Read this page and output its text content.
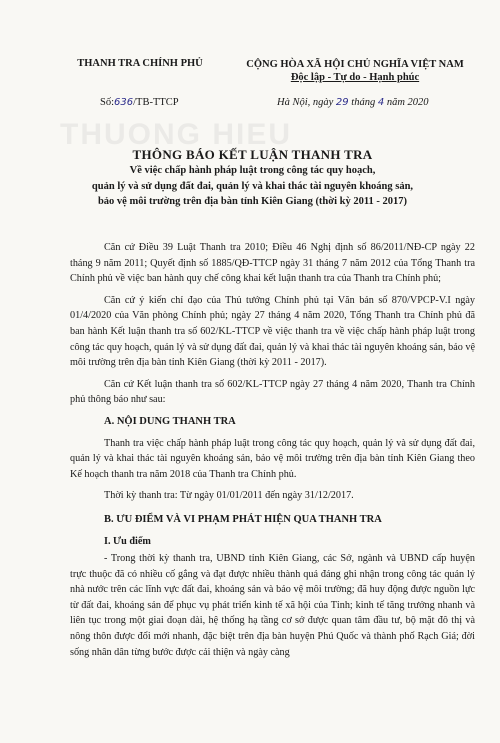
THUONG HIEU
THANH TRA CHÍNH PHỦ	CỘNG HÒA XÃ HỘI CHỦ NGHĨA VIỆT NAM
Độc lập - Tự do - Hạnh phúc
Số:636/TB-TTCP	Hà Nội, ngày 29 tháng 4 năm 2020
THÔNG BÁO KẾT LUẬN THANH TRA
Về việc chấp hành pháp luật trong công tác quy hoạch,
quản lý và sử dụng đất đai, quản lý và khai thác tài nguyên khoáng sản,
bảo vệ môi trường trên địa bàn tỉnh Kiên Giang (thời kỳ 2011 - 2017)

Căn cứ Điều 39 Luật Thanh tra 2010; Điều 46 Nghị định số 86/2011/NĐ-CP ngày 22 tháng 9 năm 2011; Quyết định số 1885/QĐ-TTCP ngày 31 tháng 7 năm 2012 của Tổng Thanh tra Chính phủ về việc ban hành quy chế công khai kết luận thanh tra của Thanh tra Chính phủ;

Căn cứ ý kiến chỉ đạo của Thủ tướng Chính phủ tại Văn bản số 870/VPCP-V.I ngày 01/4/2020 của Văn phòng Chính phủ; ngày 27 tháng 4 năm 2020, Tổng Thanh tra Chính phủ đã ban hành Kết luận thanh tra số 602/KL-TTCP về việc thanh tra về việc chấp hành pháp luật trong công tác quy hoạch, quản lý và sử dụng đất đai, quản lý và khai thác tài nguyên khoáng sản, bảo vệ môi trường trên địa bàn tỉnh Kiên Giang (thời kỳ 2011 - 2017).

Căn cứ Kết luận thanh tra số 602/KL-TTCP ngày 27 tháng 4 năm 2020, Thanh tra Chính phủ thông báo như sau:

A. NỘI DUNG THANH TRA

Thanh tra việc chấp hành pháp luật trong công tác quy hoạch, quản lý và sử dụng đất đai, quản lý và khai thác tài nguyên khoáng sản, bảo vệ môi trường trên địa bàn tỉnh Kiên Giang theo Kế hoạch thanh tra năm 2018 của Thanh tra Chính phủ.

Thời kỳ thanh tra: Từ ngày 01/01/2011 đến ngày 31/12/2017.

B. ƯU ĐIỂM VÀ VI PHẠM PHÁT HIỆN QUA THANH TRA

I. Ưu điểm

- Trong thời kỳ thanh tra, UBND tỉnh Kiên Giang, các Sở, ngành và UBND cấp huyện trực thuộc đã có nhiều cố gắng và đạt được nhiều thành quả đáng ghi nhận trong công tác quản lý nhà nước trên các lĩnh vực đất đai, khoáng sản và bảo vệ môi trường; đã huy động được nguồn lực từ đất đai, khoáng sản để phục vụ phát triển kinh tế xã hội của Tỉnh; kinh tế tăng trưởng nhanh và liên tục trong một giai đoạn dài, hệ thống hạ tầng cơ sở được quan tâm đầu tư, bộ mặt đô thị và nông thôn được đổi mới nhanh, đặc biệt trên địa bàn huyện Phú Quốc và thành phố Rạch Giá; đời sống nhân dân từng bước được cải thiện và ngày càng
